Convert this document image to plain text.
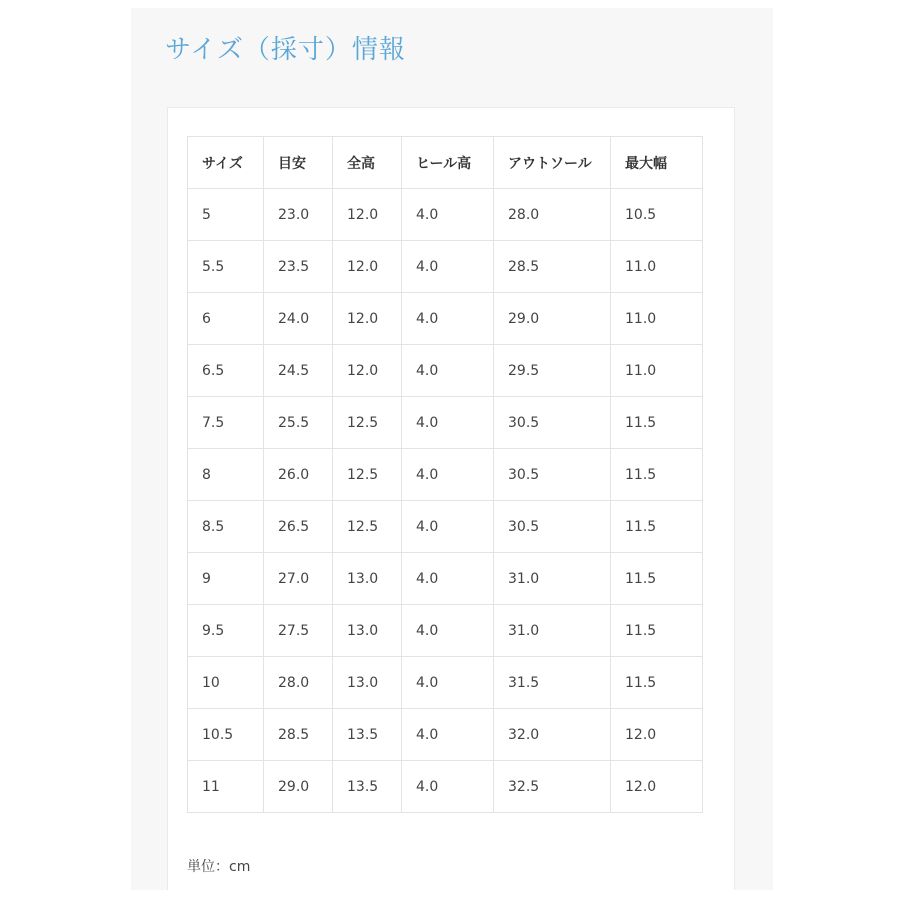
サイズ（採寸）情報
サイズ	目安	全高	ヒール高	アウトソール	最大幅
5	23.0	12.0	4.0	28.0	10.5
5.5	23.5	12.0	4.0	28.5	11.0
6	24.0	12.0	4.0	29.0	11.0
6.5	24.5	12.0	4.0	29.5	11.0
7.5	25.5	12.5	4.0	30.5	11.5
8	26.0	12.5	4.0	30.5	11.5
8.5	26.5	12.5	4.0	30.5	11.5
9	27.0	13.0	4.0	31.0	11.5
9.5	27.5	13.0	4.0	31.0	11.5
10	28.0	13.0	4.0	31.5	11.5
10.5	28.5	13.5	4.0	32.0	12.0
11	29.0	13.5	4.0	32.5	12.0

単位：cm
